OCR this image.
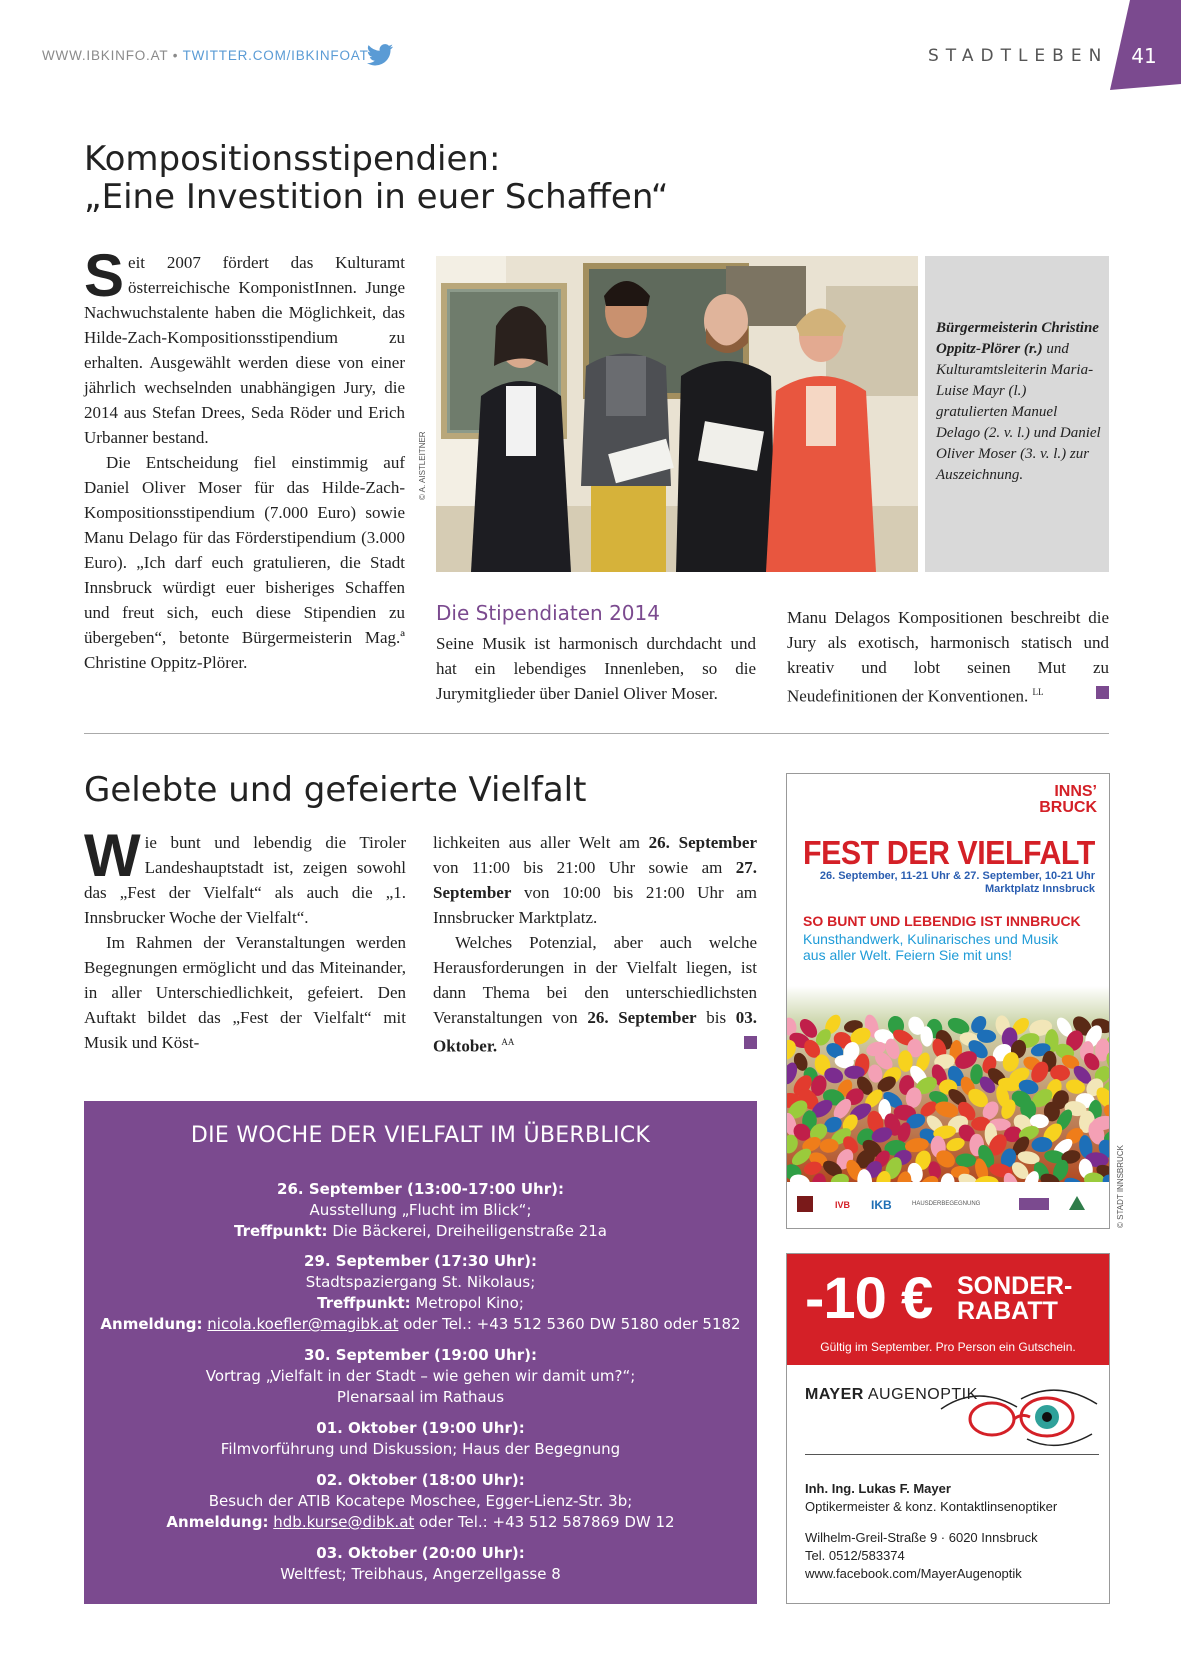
WWW.IBKINFO.AT • TWITTER.COM/IBKINFOAT	STADTLEBEN	41
Kompositionsstipendien:
„Eine Investition in euer Schaffen“

Seit 2007 fördert das Kulturamt österreichische KomponistInnen. Junge Nachwuchstalente haben die Möglichkeit, das Hilde-Zach-Kompositionsstipendium zu erhalten. Ausgewählt werden diese von einer jährlich wechselnden unabhängigen Jury, die 2014 aus Stefan Drees, Seda Röder und Erich Urbanner bestand.

Die Entscheidung fiel einstimmig auf Daniel Oliver Moser für das Hilde-Zach-Kompositionsstipendium (7.000 Euro) sowie Manu Delago für das Förderstipendium (3.000 Euro). „Ich darf euch gratulieren, die Stadt Innsbruck würdigt euer bisheriges Schaffen und freut sich, euch diese Stipendien zu übergeben“, betonte Bürgermeisterin Mag.ª Christine Oppitz-Plörer.

© A. AISTLEITNER
Bürgermeisterin Christine Oppitz-Plörer (r.) und Kulturamtsleiterin Maria-Luise Mayr (l.) gratulierten Manuel Delago (2. v. l.) und Daniel Oliver Moser (3. v. l.) zur Auszeichnung.
Die Stipendiaten 2014

Seine Musik ist harmonisch durchdacht und hat ein lebendiges Innenleben, so die Jurymitglieder über Daniel Oliver Moser.

Manu Delagos Kompositionen beschreibt die Jury als exotisch, harmonisch statisch und kreativ und lobt seinen Mut zu Neudefinitionen der Konventionen. $^{LL}$

Gelebte und gefeierte Vielfalt

Wie bunt und lebendig die Tiroler Landeshauptstadt ist, zeigen sowohl das „Fest der Vielfalt“ als auch die „1. Innsbrucker Woche der Vielfalt“.

Im Rahmen der Veranstaltungen werden Begegnungen ermöglicht und das Miteinander, in aller Unterschiedlichkeit, gefeiert. Den Auftakt bildet das „Fest der Vielfalt“ mit Musik und Köst-

lichkeiten aus aller Welt am 26. September von 11:00 bis 21:00 Uhr sowie am 27. September von 10:00 bis 21:00 Uhr am Innsbrucker Marktplatz.

Welches Potenzial, aber auch welche Herausforderungen in der Vielfalt liegen, ist dann Thema bei den unterschiedlichsten Veranstaltungen von 26. September bis 03. Oktober. $^{AA}$

DIE WOCHE DER VIELFALT IM ÜBERBLICK
26. September (13:00-17:00 Uhr):
Ausstellung „Flucht im Blick“;
Treffpunkt: Die Bäckerei, Dreiheiligenstraße 21a
29. September (17:30 Uhr):
Stadtspaziergang St. Nikolaus;
Treffpunkt: Metropol Kino;
Anmeldung: nicola.koefler@magibk.at oder Tel.: +43 512 5360 DW 5180 oder 5182
30. September (19:00 Uhr):
Vortrag „Vielfalt in der Stadt – wie gehen wir damit um?“;
Plenarsaal im Rathaus
01. Oktober (19:00 Uhr):
Filmvorführung und Diskussion; Haus der Begegnung
02. Oktober (18:00 Uhr):
Besuch der ATIB Kocatepe Moschee, Egger-Lienz-Str. 3b;
Anmeldung: hdb.kurse@dibk.at oder Tel.: +43 512 587869 DW 12
03. Oktober (20:00 Uhr):
Weltfest; Treibhaus, Angerzellgasse 8
INNS’
BRUCK
FEST DER VIELFALT
26. September, 11-21 Uhr & 27. September, 10-21 Uhr
Marktplatz Innsbruck
SO BUNT UND LEBENDIG IST INNBRUCK
Kunsthandwerk, Kulinarisches und Musik
aus aller Welt. Feiern Sie mit uns!
IVB IKB	HAUSDERBEGEGNUNG	© STADT INNSBRUCK
-10 € SONDER-
RABATT
Gültig im September. Pro Person ein Gutschein.
MAYER AUGENOPTIK
Inh. Ing. Lukas F. Mayer
Optikermeister & konz. Kontaktlinsenoptiker
Wilhelm-Greil-Straße 9 · 6020 Innsbruck
Tel. 0512/583374
www.facebook.com/MayerAugenoptik
